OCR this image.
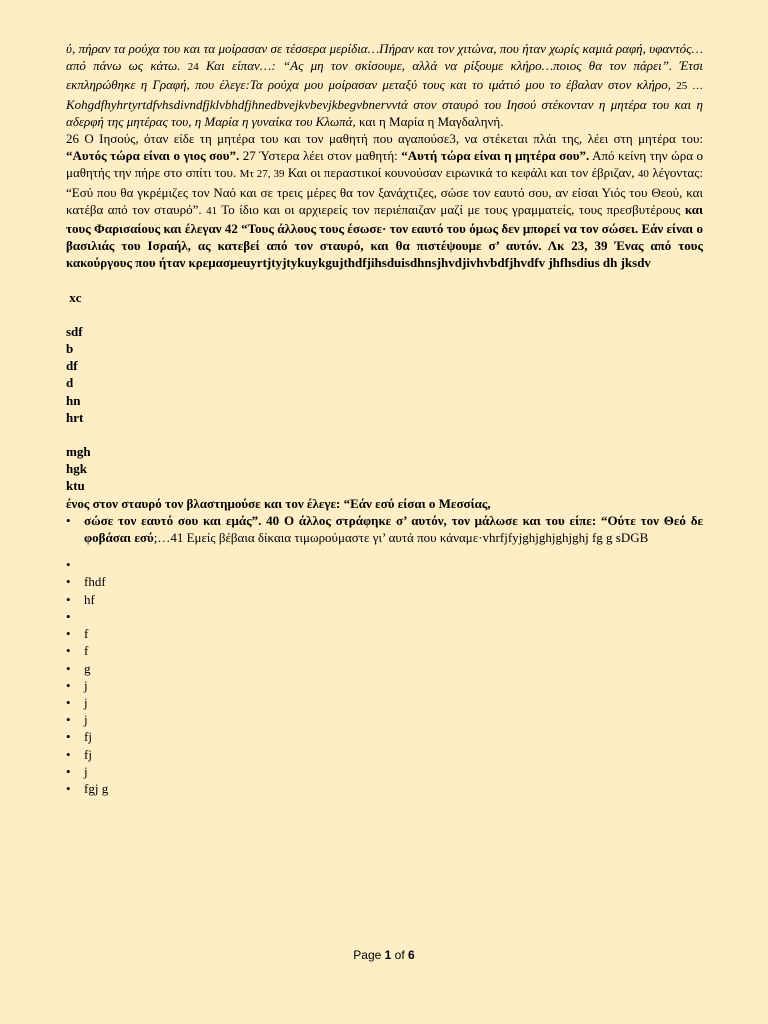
ύ, πήραν τα ρούχα του και τα μοίρασαν σε τέσσερα μερίδια…Πήραν και τον χιτώνα, που ήταν χωρίς καμιά ραφή, υφαντός…από πάνω ως κάτω. 24 Και είπαν…: “Ας μη τον σκίσουμε, αλλά να ρίξουμε κλήρο…ποιος θα τον πάρει”. Έτσι εκπληρώθηκε η Γραφή, που έλεγε:Τα ρούχα μου μοίρασαν μεταξύ τους και το ιμάτιό μου το έβαλαν στον κλήρο, 25 … Kohgdfhyhrtyrtdfvhsdivndfjklvbhdfjhnedbvejkvbevjkbegvbnervvtά στον σταυρό του Ιησού στέκονταν η μητέρα του και η αδερφή της μητέρας του, η Μαρία η γυναίκα του Κλωπά, και η Μαρία η Μαγδαληνή.

26 Ο Ιησούς, όταν είδε τη μητέρα του και τον μαθητή που αγαπούσε3, να στέκεται πλάι της, λέει στη μητέρα του: “Αυτός τώρα είναι ο γιος σου”. 27 Ύστερα λέει στον μαθητή: “Αυτή τώρα είναι η μητέρα σου”. Από κείνη την ώρα ο μαθητής την πήρε στο σπίτι του. Μτ 27, 39 Και οι περαστικοί κουνούσαν ειρωνικά το κεφάλι και τον έβριζαν, 40 λέγοντας: “Εσύ που θα γκρέμιζες τον Ναό και σε τρεις μέρες θα τον ξανάχτιζες, σώσε τον εαυτό σου, αν είσαι Υιός του Θεού, και κατέβα από τον σταυρό”. 41 Το ίδιο και οι αρχιερείς τον περιέπαιζαν μαζί με τους γραμματείς, τους πρεσβυτέρους και τους Φαρισαίους και έλεγαν 42 “Τους άλλους τους έσωσε· τον εαυτό του όμως δεν μπορεί να τον σώσει. Εάν είναι ο βασιλιάς του Ισραήλ, ας κατεβεί από τον σταυρό, και θα πιστέψουμε σ’ αυτόν. Λκ 23, 39 Ένας από τους κακούργους που ήταν κρεμασμeuyrtjtyjtykuykgujthdfjihsduisdhnsjhvdjivhvbdfjhvdfv jhfhsdius dh jksdv

xc

sdf

b

df

d

hn

hrt

mgh

hgk

ktu

ένος στον σταυρό τον βλαστημούσε και τον έλεγε: “Εάν εσύ είσαι ο Μεσσίας,

• σώσε τον εαυτό σου και εμάς”. 40 Ο άλλος στράφηκε σ’ αυτόν, τον μάλωσε και του είπε: “Ούτε τον Θεό δε φοβάσαι εσύ;…41 Εμείς βέβαια δίκαια τιμωρούμαστε γι’ αυτά που κάναμε·vhrfjfyjghjghjghjghj fg g sDGB
•
• fhdf
• hf
•
• f
• f
• g
• j
• j
• j
• fj
• fj
• j
• fgj g
Page 1 of 6
